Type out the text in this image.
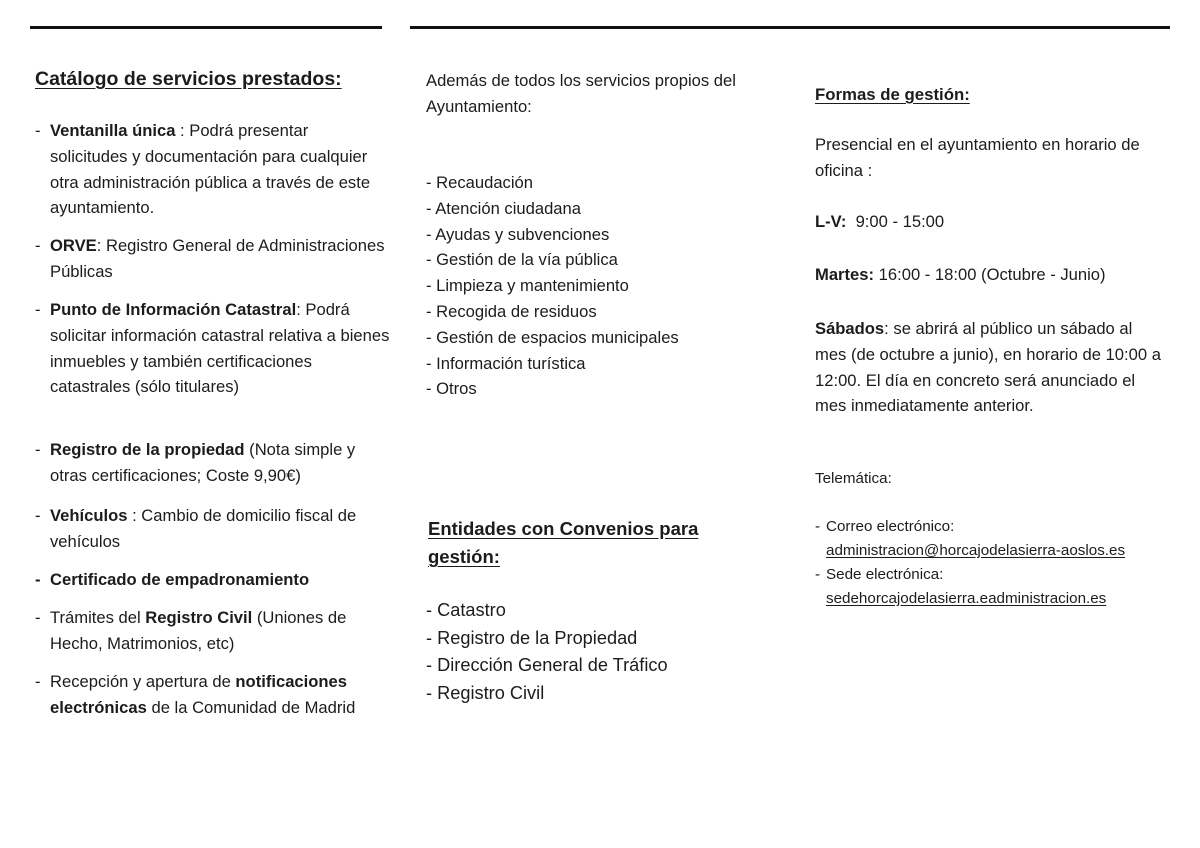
Catálogo de servicios prestados:
- Ventanilla única : Podrá presentar solicitudes y documentación para cualquier otra administración pública a través de este ayuntamiento.
- ORVE: Registro General de Administraciones Públicas
- Punto de Información Catastral: Podrá solicitar información catastral relativa a bienes inmuebles y también certificaciones catastrales (sólo titulares)
- Registro de la propiedad (Nota simple y otras certificaciones; Coste 9,90€)
- Vehículos : Cambio de domicilio fiscal de vehículos
- Certificado de empadronamiento
- Trámites del Registro Civil (Uniones de Hecho, Matrimonios, etc)
- Recepción y apertura de notificaciones electrónicas de la Comunidad de Madrid

Además de todos los servicios propios del Ayuntamiento:

- Recaudación
- Atención ciudadana
- Ayudas y subvenciones
- Gestión de la vía pública
- Limpieza y mantenimiento
- Recogida de residuos
- Gestión de espacios municipales
- Información turística
- Otros
Entidades con Convenios para gestión:
- Catastro
- Registro de la Propiedad
- Dirección General de Tráfico
- Registro Civil
Formas de gestión:

Presencial en el ayuntamiento en horario de oficina :

L-V:  9:00 - 15:00

Martes: 16:00 - 18:00 (Octubre - Junio)

Sábados: se abrirá al público un sábado al mes (de octubre a junio), en horario de 10:00 a 12:00. El día en concreto será anunciado el mes inmediatamente anterior.

Telemática:

- Correo electrónico:
administracion@horcajodelasierra-aoslos.es
- Sede electrónica:
sedehorcajodelasierra.eadministracion.es
